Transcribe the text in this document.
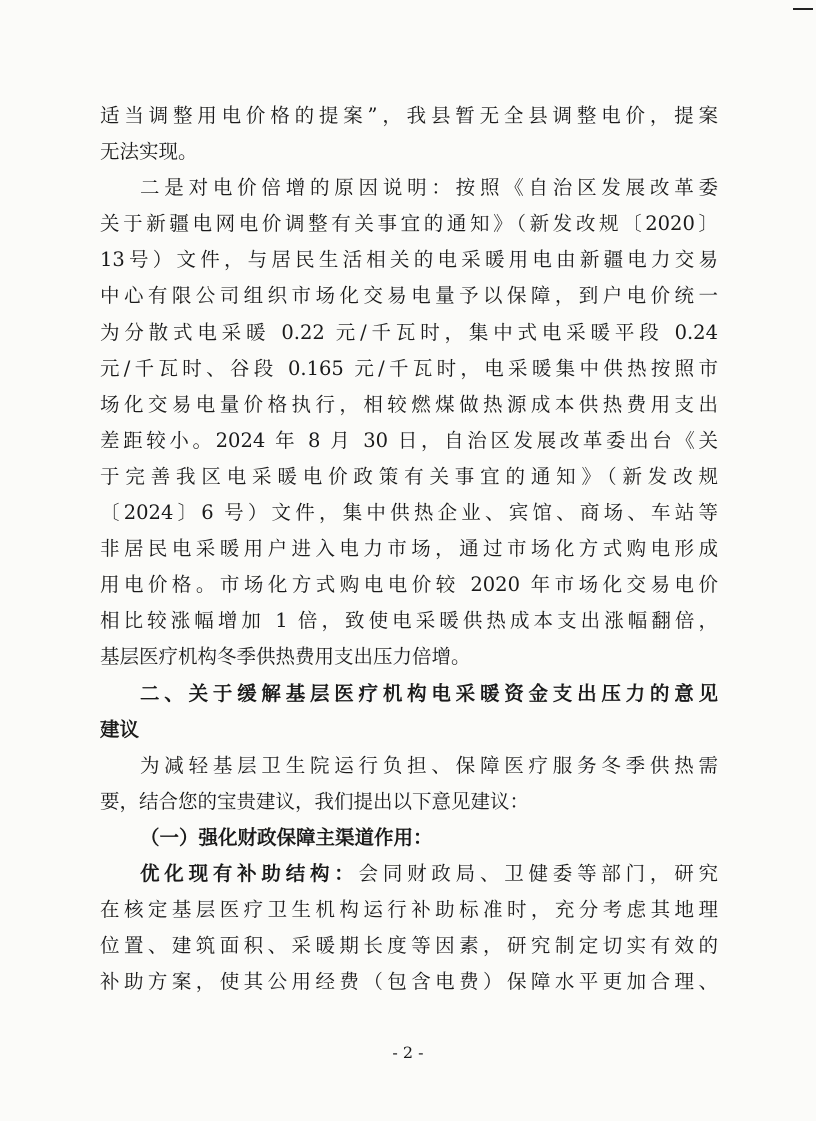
适当调整用电价格的提案”，我县暂无全县调整电价，提案
无法实现。
二是对电价倍增的原因说明：按照《自治区发展改革委
关于新疆电网电价调整有关事宜的通知》（新发改规〔2020〕
13号）文件，与居民生活相关的电采暖用电由新疆电力交易
中心有限公司组织市场化交易电量予以保障，到户电价统一
为分散式电采暖 0.22 元/千瓦时，集中式电采暖平段 0.24
元/千瓦时、谷段 0.165 元/千瓦时，电采暖集中供热按照市
场化交易电量价格执行，相较燃煤做热源成本供热费用支出
差距较小。2024 年 8 月 30 日，自治区发展改革委出台《关
于完善我区电采暖电价政策有关事宜的通知》（新发改规
〔2024〕6 号）文件，集中供热企业、宾馆、商场、车站等
非居民电采暖用户进入电力市场，通过市场化方式购电形成
用电价格。市场化方式购电电价较 2020 年市场化交易电价
相比较涨幅增加 1 倍，致使电采暖供热成本支出涨幅翻倍，
基层医疗机构冬季供热费用支出压力倍增。
二、关于缓解基层医疗机构电采暖资金支出压力的意见
建议
为减轻基层卫生院运行负担、保障医疗服务冬季供热需
要，结合您的宝贵建议，我们提出以下意见建议：
（一）强化财政保障主渠道作用：
优化现有补助结构：会同财政局、卫健委等部门，研究
在核定基层医疗卫生机构运行补助标准时，充分考虑其地理
位置、建筑面积、采暖期长度等因素，研究制定切实有效的
补助方案，使其公用经费（包含电费）保障水平更加合理、
- 2 -
